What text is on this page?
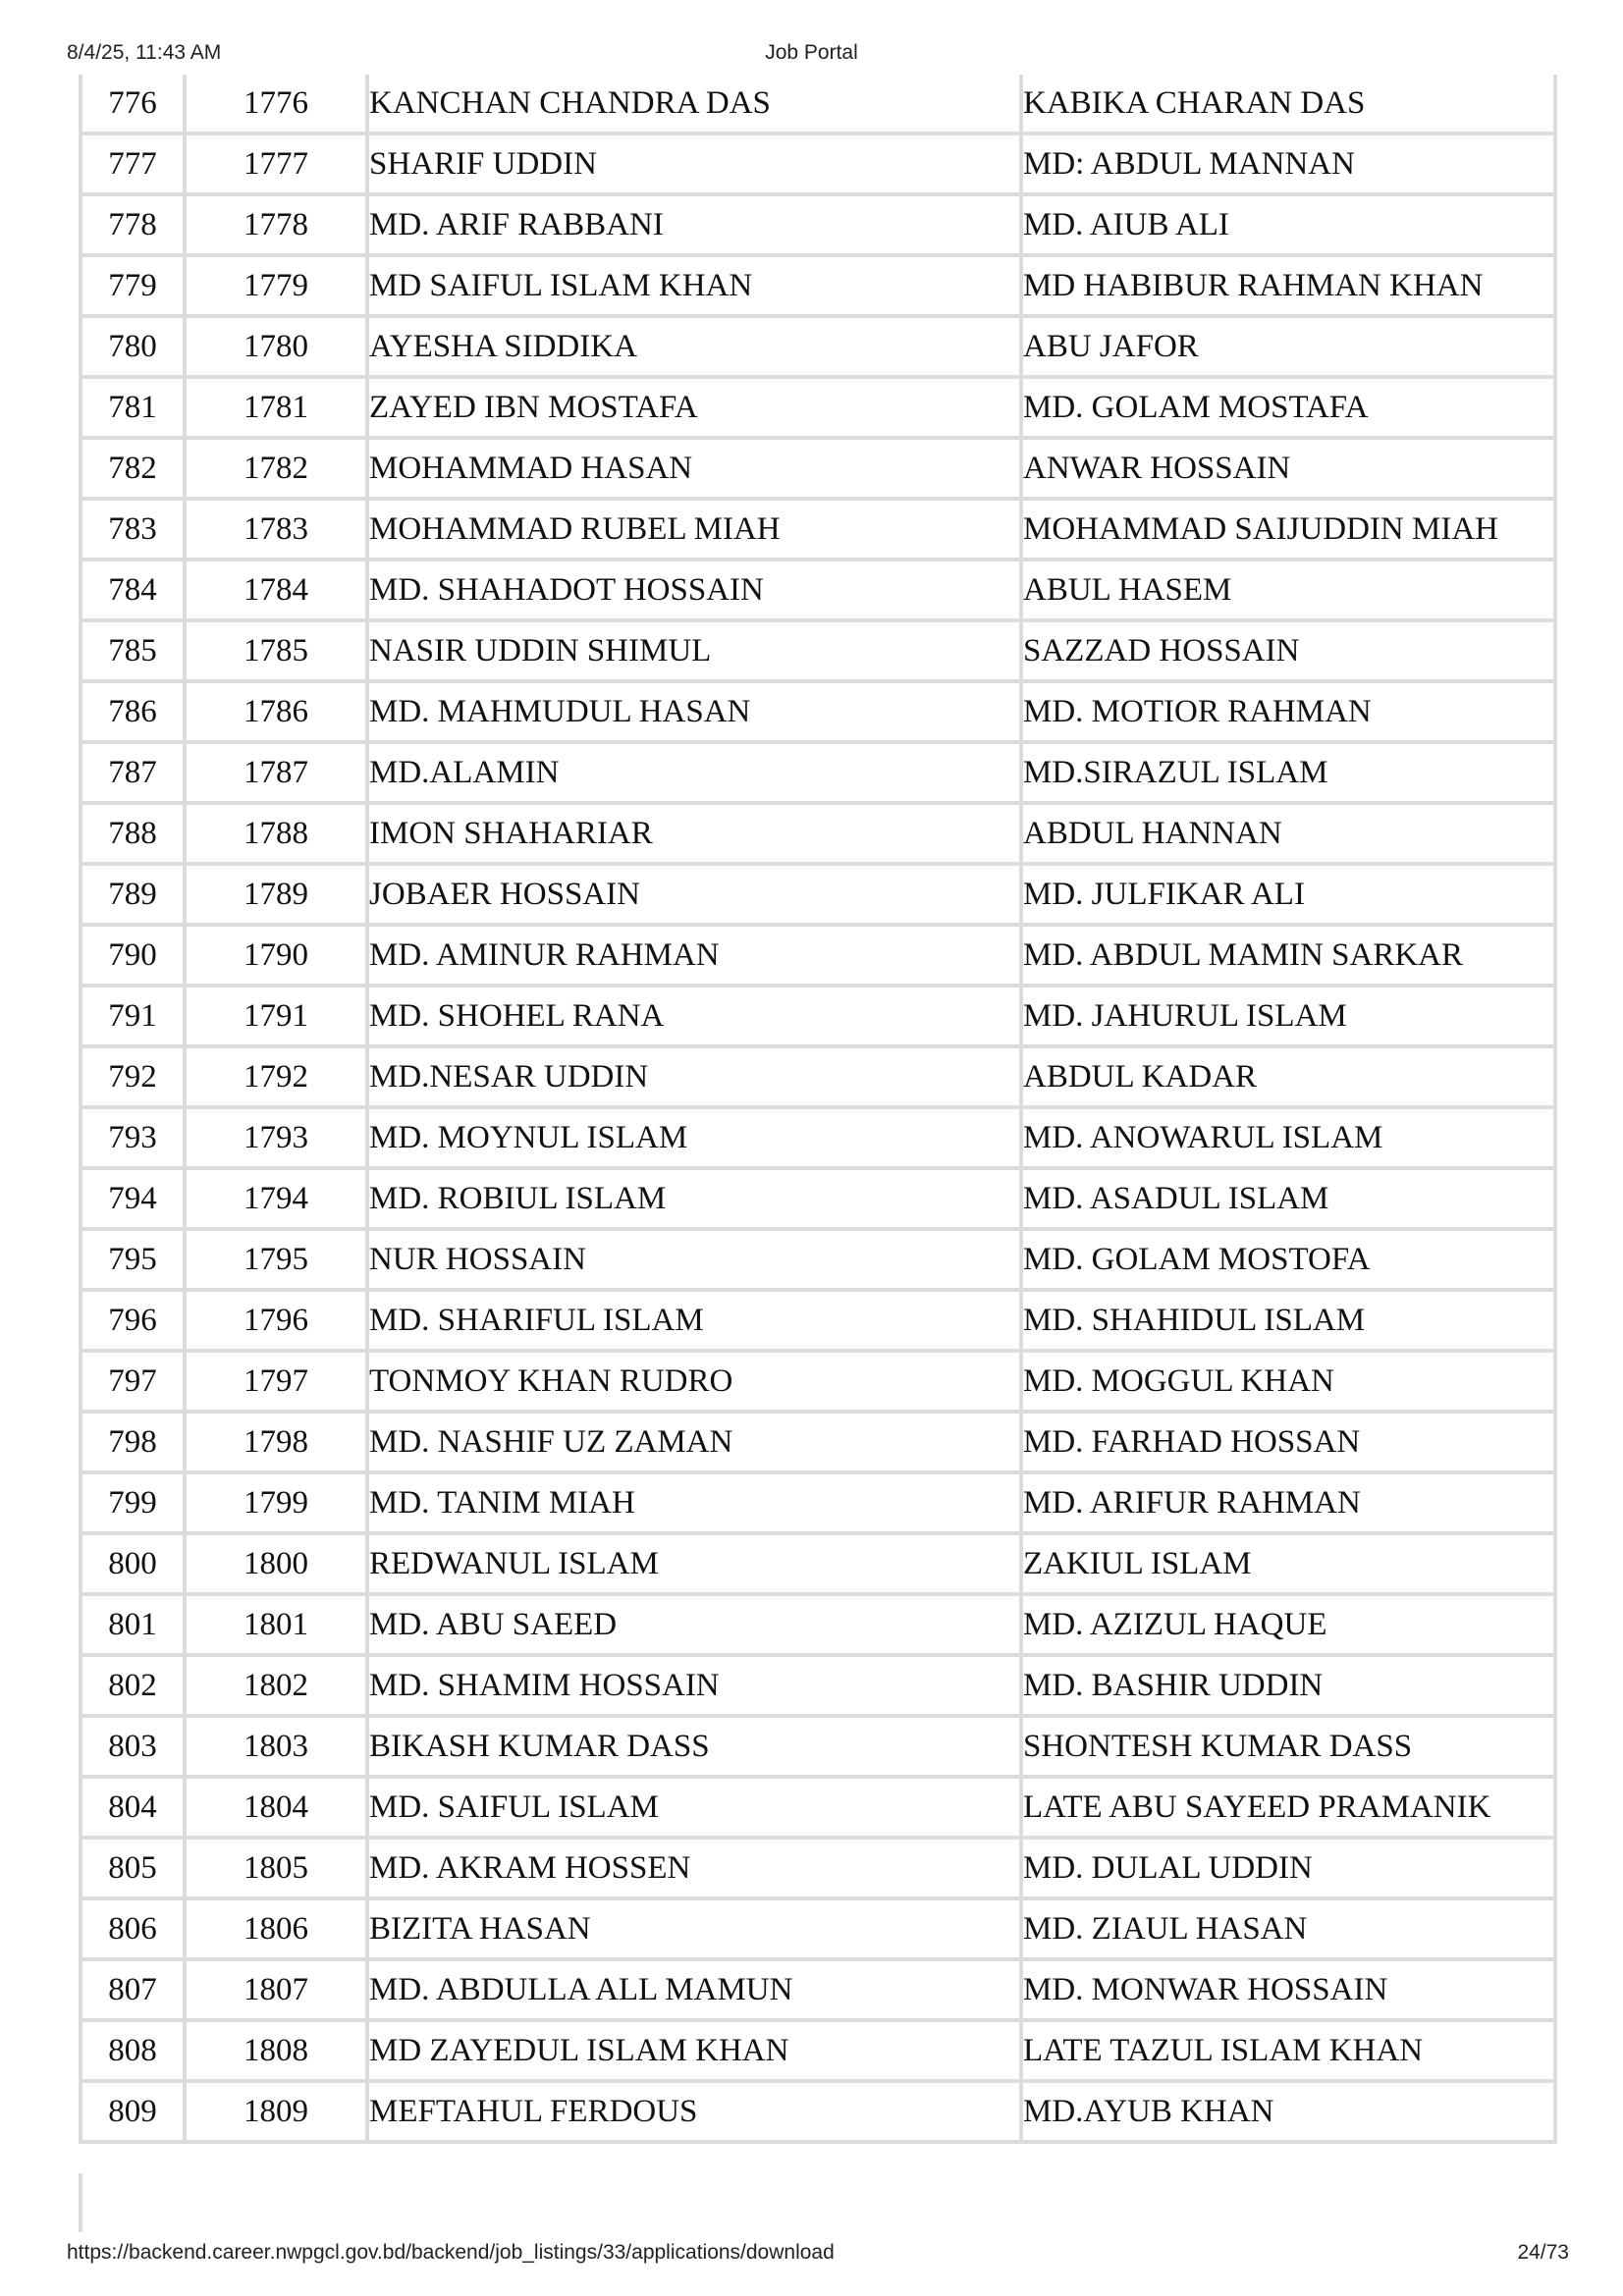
8/4/25, 11:43 AM	Job Portal
776	1776	KANCHAN CHANDRA DAS	KABIKA CHARAN DAS
777	1777	SHARIF UDDIN	MD: ABDUL MANNAN
778	1778	MD. ARIF RABBANI	MD. AIUB ALI
779	1779	MD SAIFUL ISLAM KHAN	MD HABIBUR RAHMAN KHAN
780	1780	AYESHA SIDDIKA	ABU JAFOR
781	1781	ZAYED IBN MOSTAFA	MD. GOLAM MOSTAFA
782	1782	MOHAMMAD HASAN	ANWAR HOSSAIN
783	1783	MOHAMMAD RUBEL MIAH	MOHAMMAD SAIJUDDIN MIAH
784	1784	MD. SHAHADOT HOSSAIN	ABUL HASEM
785	1785	NASIR UDDIN SHIMUL	SAZZAD HOSSAIN
786	1786	MD. MAHMUDUL HASAN	MD. MOTIOR RAHMAN
787	1787	MD.ALAMIN	MD.SIRAZUL ISLAM
788	1788	IMON SHAHARIAR	ABDUL HANNAN
789	1789	JOBAER HOSSAIN	MD. JULFIKAR ALI
790	1790	MD. AMINUR RAHMAN	MD. ABDUL MAMIN SARKAR
791	1791	MD. SHOHEL RANA	MD. JAHURUL ISLAM
792	1792	MD.NESAR UDDIN	ABDUL KADAR
793	1793	MD. MOYNUL ISLAM	MD. ANOWARUL ISLAM
794	1794	MD. ROBIUL ISLAM	MD. ASADUL ISLAM
795	1795	NUR HOSSAIN	MD. GOLAM MOSTOFA
796	1796	MD. SHARIFUL ISLAM	MD. SHAHIDUL ISLAM
797	1797	TONMOY KHAN RUDRO	MD. MOGGUL KHAN
798	1798	MD. NASHIF UZ ZAMAN	MD. FARHAD HOSSAN
799	1799	MD. TANIM MIAH	MD. ARIFUR RAHMAN
800	1800	REDWANUL ISLAM	ZAKIUL ISLAM
801	1801	MD. ABU SAEED	MD. AZIZUL HAQUE
802	1802	MD. SHAMIM HOSSAIN	MD. BASHIR UDDIN
803	1803	BIKASH KUMAR DASS	SHONTESH KUMAR DASS
804	1804	MD. SAIFUL ISLAM	LATE ABU SAYEED PRAMANIK
805	1805	MD. AKRAM HOSSEN	MD. DULAL UDDIN
806	1806	BIZITA HASAN	MD. ZIAUL HASAN
807	1807	MD. ABDULLA ALL MAMUN	MD. MONWAR HOSSAIN
808	1808	MD ZAYEDUL ISLAM KHAN	LATE TAZUL ISLAM KHAN
809	1809	MEFTAHUL FERDOUS	MD.AYUB KHAN
https://backend.career.nwpgcl.gov.bd/backend/job_listings/33/applications/download	24/73
